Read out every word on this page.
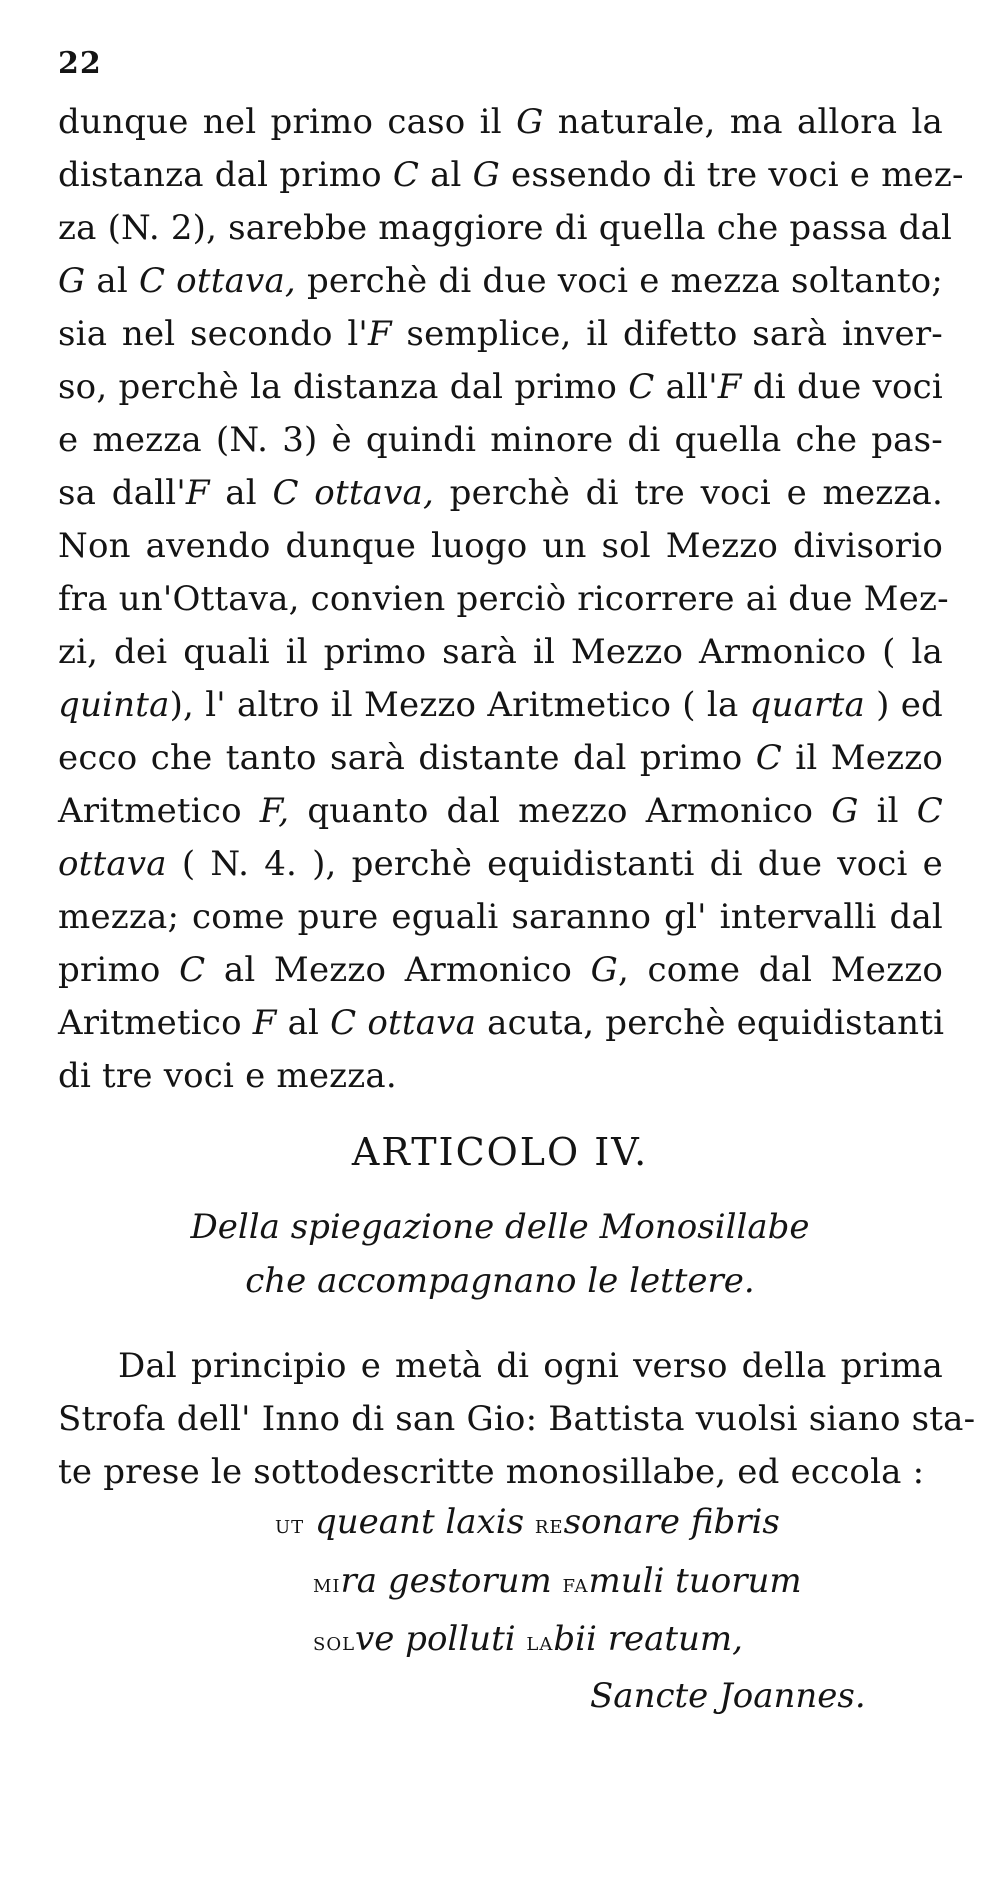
22
dunque nel primo caso il G naturale, ma allora la
distanza dal primo C al G essendo di tre voci e mez-
za (N. 2), sarebbe maggiore di quella che passa dal
G al C ottava, perchè di due voci e mezza soltanto;
sia nel secondo l'F semplice, il difetto sarà inver-
so, perchè la distanza dal primo C all'F di due voci
e mezza (N. 3) è quindi minore di quella che pas-
sa dall'F al C ottava, perchè di tre voci e mezza.
Non avendo dunque luogo un sol Mezzo divisorio
fra un'Ottava, convien perciò ricorrere ai due Mez-
zi, dei quali il primo sarà il Mezzo Armonico ( la
quinta), l' altro il Mezzo Aritmetico ( la quarta ) ed
ecco che tanto sarà distante dal primo C il Mezzo
Aritmetico F, quanto dal mezzo Armonico G il C
ottava ( N. 4. ), perchè equidistanti di due voci e
mezza; come pure eguali saranno gl' intervalli dal
primo C al Mezzo Armonico G, come dal Mezzo
Aritmetico F al C ottava acuta, perchè equidistanti
di tre voci e mezza.
ARTICOLO IV.
Della spiegazione delle Monosillabe
che accompagnano le lettere.
Dal principio e metà di ogni verso della prima
Strofa dell' Inno di san Gio: Battista vuolsi siano sta-
te prese le sottodescritte monosillabe, ed eccola :
ut queant laxis resonare fibris
mira gestorum famuli tuorum
solve polluti labii reatum,
Sancte Joannes.
